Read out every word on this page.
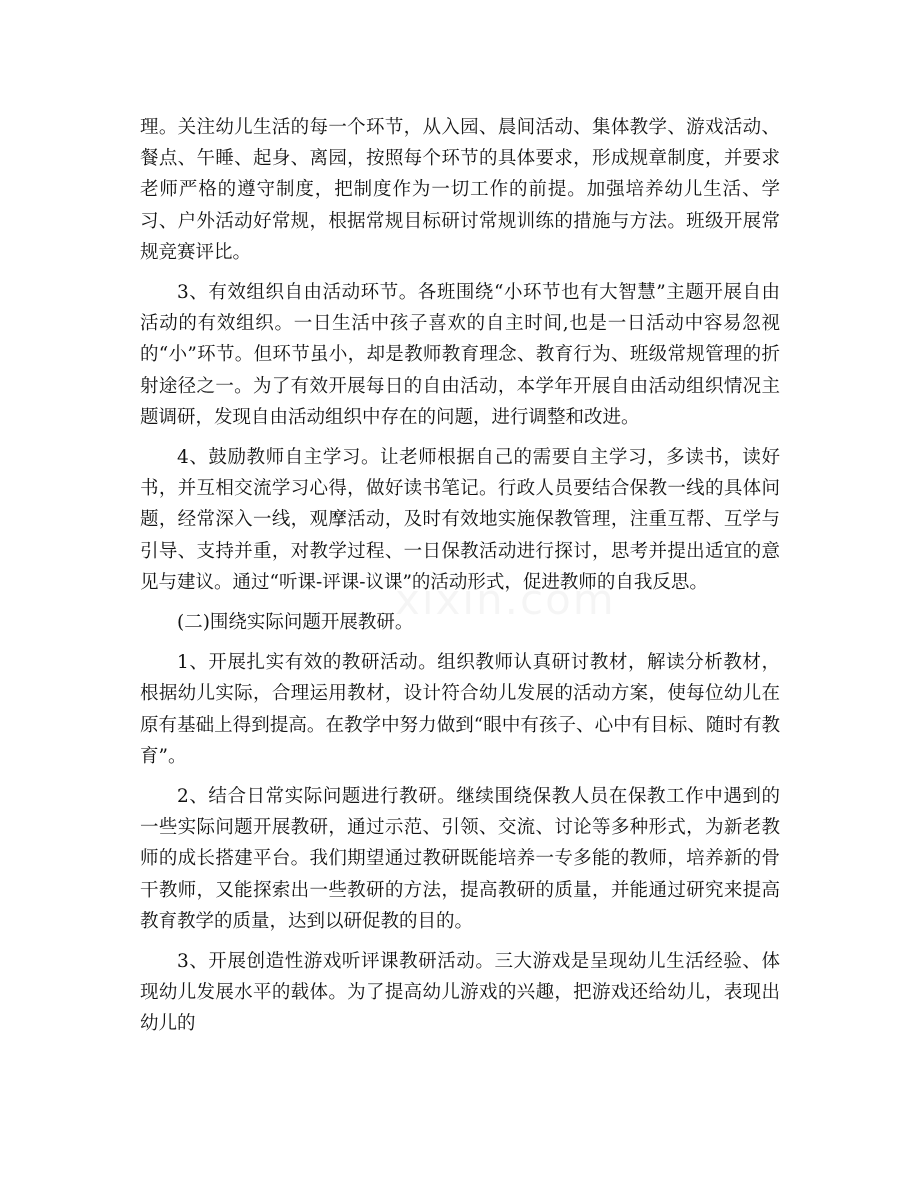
理。关注幼儿生活的每一个环节，从入园、晨间活动、集体教学、游戏活动、餐点、午睡、起身、离园，按照每个环节的具体要求，形成规章制度，并要求老师严格的遵守制度，把制度作为一切工作的前提。加强培养幼儿生活、学习、户外活动好常规，根据常规目标研讨常规训练的措施与方法。班级开展常规竞赛评比。

3、有效组织自由活动环节。各班围绕“小环节也有大智慧”主题开展自由活动的有效组织。一日生活中孩子喜欢的自主时间,也是一日活动中容易忽视的“小”环节。但环节虽小，却是教师教育理念、教育行为、班级常规管理的折射途径之一。为了有效开展每日的自由活动，本学年开展自由活动组织情况主题调研，发现自由活动组织中存在的问题，进行调整和改进。

4、鼓励教师自主学习。让老师根据自己的需要自主学习，多读书，读好书，并互相交流学习心得，做好读书笔记。行政人员要结合保教一线的具体问题，经常深入一线，观摩活动，及时有效地实施保教管理，注重互帮、互学与引导、支持并重，对教学过程、一日保教活动进行探讨，思考并提出适宜的意见与建议。通过“听课-评课-议课”的活动形式，促进教师的自我反思。

(二)围绕实际问题开展教研。

1、开展扎实有效的教研活动。组织教师认真研讨教材，解读分析教材，根据幼儿实际，合理运用教材，设计符合幼儿发展的活动方案，使每位幼儿在原有基础上得到提高。在教学中努力做到“眼中有孩子、心中有目标、随时有教育”。

2、结合日常实际问题进行教研。继续围绕保教人员在保教工作中遇到的一些实际问题开展教研，通过示范、引领、交流、讨论等多种形式，为新老教师的成长搭建平台。我们期望通过教研既能培养一专多能的教师，培养新的骨干教师，又能探索出一些教研的方法，提高教研的质量，并能通过研究来提高教育教学的质量，达到以研促教的目的。

3、开展创造性游戏听评课教研活动。三大游戏是呈现幼儿生活经验、体现幼儿发展水平的载体。为了提高幼儿游戏的兴趣，把游戏还给幼儿，表现出幼儿的
